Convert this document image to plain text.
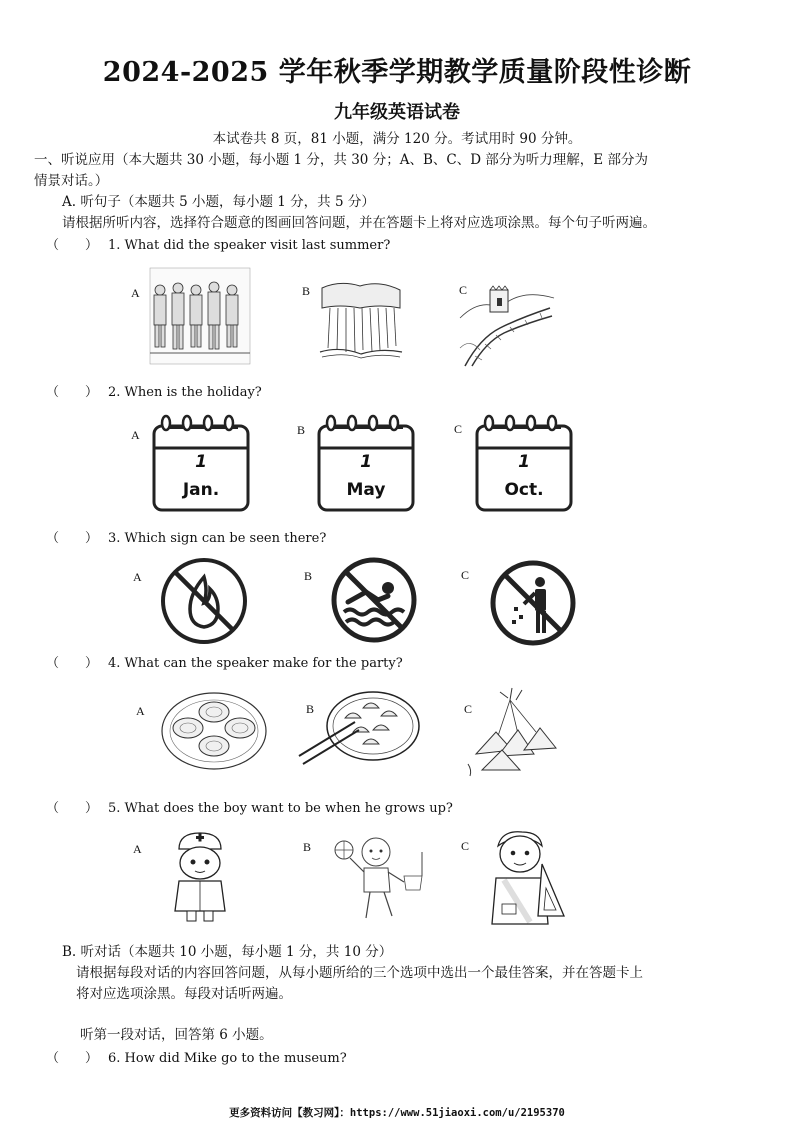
2024-2025 学年秋季学期教学质量阶段性诊断
九年级英语试卷
本试卷共 8 页，81 小题，满分 120 分。考试用时 90 分钟。
一、听说应用（本大题共 30 小题，每小题 1 分，共 30 分；A、B、C、D 部分为听力理解，E 部分为
情景对话。）
A. 听句子（本题共 5 小题，每小题 1 分，共 5 分）
请根据所听内容，选择符合题意的图画回答问题，并在答题卡上将对应选项涂黑。每个句子听两遍。
（　　） 1. What did the speaker visit last summer?
A	B	C
（　　） 2. When is the holiday?
A	B	C
1
Jan.
1
May
1
Oct.
（　　） 3. Which sign can be seen there?
A	B	C
（　　） 4. What can the speaker make for the party?
A	B	C
（　　） 5. What does the boy want to be when he grows up?
A	B	C
B. 听对话（本题共 10 小题，每小题 1 分，共 10 分）
请根据每段对话的内容回答问题，从每小题所给的三个选项中选出一个最佳答案，并在答题卡上
将对应选项涂黑。每段对话听两遍。
听第一段对话，回答第 6 小题。
（　　） 6. How did Mike go to the museum?
更多资料访问【教习网】：https://www.51jiaoxi.com/u/2195370
